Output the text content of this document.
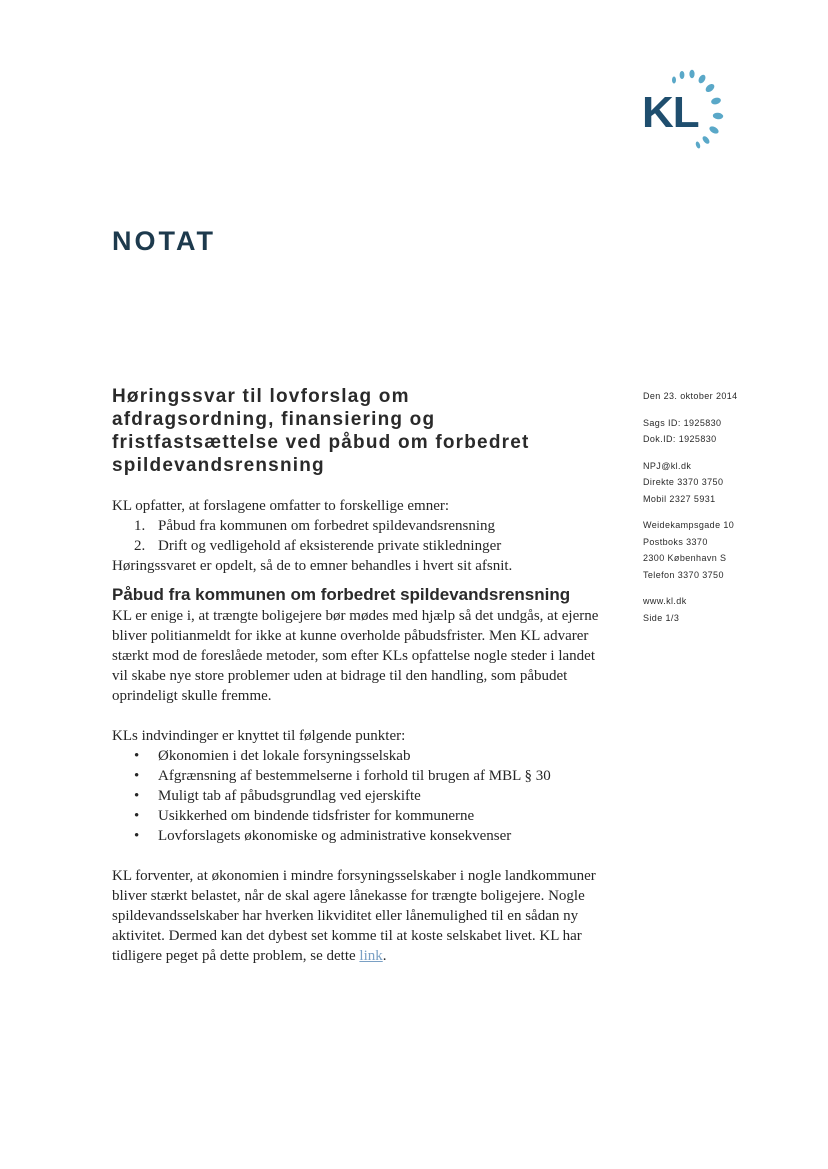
KL
NOTAT
Høringssvar til lovforslag om
afdragsordning, finansiering og
fristfastsættelse ved påbud om forbedret
spildevandsrensning
Den 23. oktober 2014
Sags ID: 1925830
Dok.ID: 1925830
NPJ@kl.dk
Direkte 3370 3750
Mobil 2327 5931
Weidekampsgade 10
Postboks 3370
2300 København S
Telefon 3370 3750
www.kl.dk
Side 1/3

KL opfatter, at forslagene omfatter to forskellige emner:

1. Påbud fra kommunen om forbedret spildevandsrensning
2. Drift og vedligehold af eksisterende private stikledninger

Høringssvaret er opdelt, så de to emner behandles i hvert sit afsnit.

Påbud fra kommunen om forbedret spildevandsrensning

KL er enige i, at trængte boligejere bør mødes med hjælp så det undgås, at ejerne bliver politianmeldt for ikke at kunne overholde påbudsfrister. Men KL advarer stærkt mod de foreslåede metoder, som efter KLs opfattelse nogle steder i landet vil skabe nye store problemer uden at bidrage til den handling, som påbudet oprindeligt skulle fremme.

KLs indvindinger er knyttet til følgende punkter:

• Økonomien i det lokale forsyningsselskab
• Afgrænsning af bestemmelserne i forhold til brugen af MBL § 30
• Muligt tab af påbudsgrundlag ved ejerskifte
• Usikkerhed om bindende tidsfrister for kommunerne
• Lovforslagets økonomiske og administrative konsekvenser

KL forventer, at økonomien i mindre forsyningsselskaber i nogle landkommuner bliver stærkt belastet, når de skal agere lånekasse for trængte boligejere. Nogle spildevandsselskaber har hverken likviditet eller lånemulighed til en sådan ny aktivitet. Dermed kan det dybest set komme til at koste selskabet livet. KL har tidligere peget på dette problem, se dette link.
